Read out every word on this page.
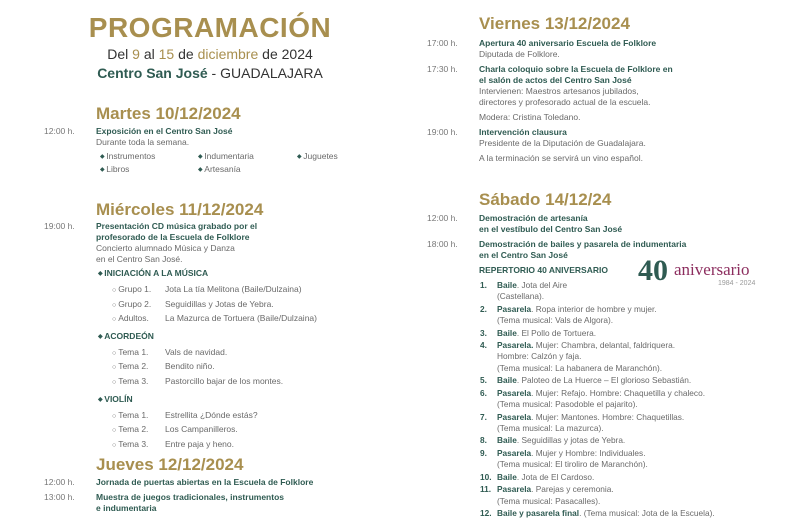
PROGRAMACIÓN
Del 9 al 15 de diciembre de 2024
Centro San José - GUADALAJARA
Martes 10/12/2024
12:00 h.	Exposición en el Centro San José
Durante toda la semana.
◆ Instrumentos	◆ Indumentaria	◆ Juguetes
◆ Libros	◆ Artesanía
Miércoles 11/12/2024
19:00 h.	Presentación CD música grabado por el
profesorado de la Escuela de Folklore
Concierto alumnado Música y Danza
en el Centro San José.
◆ INICIACIÓN A LA MÚSICA
○ Grupo 1.	Jota La tía Melitona (Baile/Dulzaina)
○ Grupo 2.	Seguidillas y Jotas de Yebra.
○ Adultos.	La Mazurca de Tortuera (Baile/Dulzaina)
◆ ACORDEÓN
○ Tema 1.	Vals de navidad.
○ Tema 2.	Bendito niño.
○ Tema 3.	Pastorcillo bajar de los montes.
◆ VIOLÍN
○ Tema 1.	Estrellita ¿Dónde estás?
○ Tema 2.	Los Campanilleros.
○ Tema 3.	Entre paja y heno.
Jueves 12/12/2024
12:00 h.	Jornada de puertas abiertas en la Escuela de Folklore
13:00 h.	Muestra de juegos tradicionales, instrumentos
e indumentaria
Viernes 13/12/2024
17:00 h.	Apertura 40 aniversario Escuela de Folklore
Diputada de Folklore.
17:30 h.	Charla coloquio sobre la Escuela de Folklore en
el salón de actos del Centro San José
Intervienen: Maestros artesanos jubilados,
directores y profesorado actual de la escuela.
Modera: Cristina Toledano.
19:00 h.	Intervención clausura
Presidente de la Diputación de Guadalajara.
A la terminación se servirá un vino español.
Sábado 14/12/24
12:00 h.	Demostración de artesanía
en el vestíbulo del Centro San José
18:00 h.	Demostración de bailes y pasarela de indumentaria
en el Centro San José
REPERTORIO 40 ANIVERSARIO 40 aniversario
1984 - 2024
1.	Baile. Jota del Aire
(Castellana).
2.	Pasarela. Ropa interior de hombre y mujer.
(Tema musical: Vals de Algora).
3.	Baile. El Pollo de Tortuera.
4.	Pasarela. Mujer: Chambra, delantal, faldriquera.
Hombre: Calzón y faja.
(Tema musical: La habanera de Maranchón).
5.	Baile. Paloteo de La Huerce – El glorioso Sebastián.
6.	Pasarela. Mujer: Refajo. Hombre: Chaquetilla y chaleco.
(Tema musical: Pasodoble el pajarito).
7.	Pasarela. Mujer: Mantones. Hombre: Chaquetillas.
(Tema musical: La mazurca).
8.	Baile. Seguidillas y jotas de Yebra.
9.	Pasarela. Mujer y Hombre: Individuales.
(Tema musical: El tiroliro de Maranchón).
10. Baile. Jota de El Cardoso.
11. Pasarela. Parejas y ceremonia.
(Tema musical: Pasacalles).
12. Baile y pasarela final. (Tema musical: Jota de la Escuela).
